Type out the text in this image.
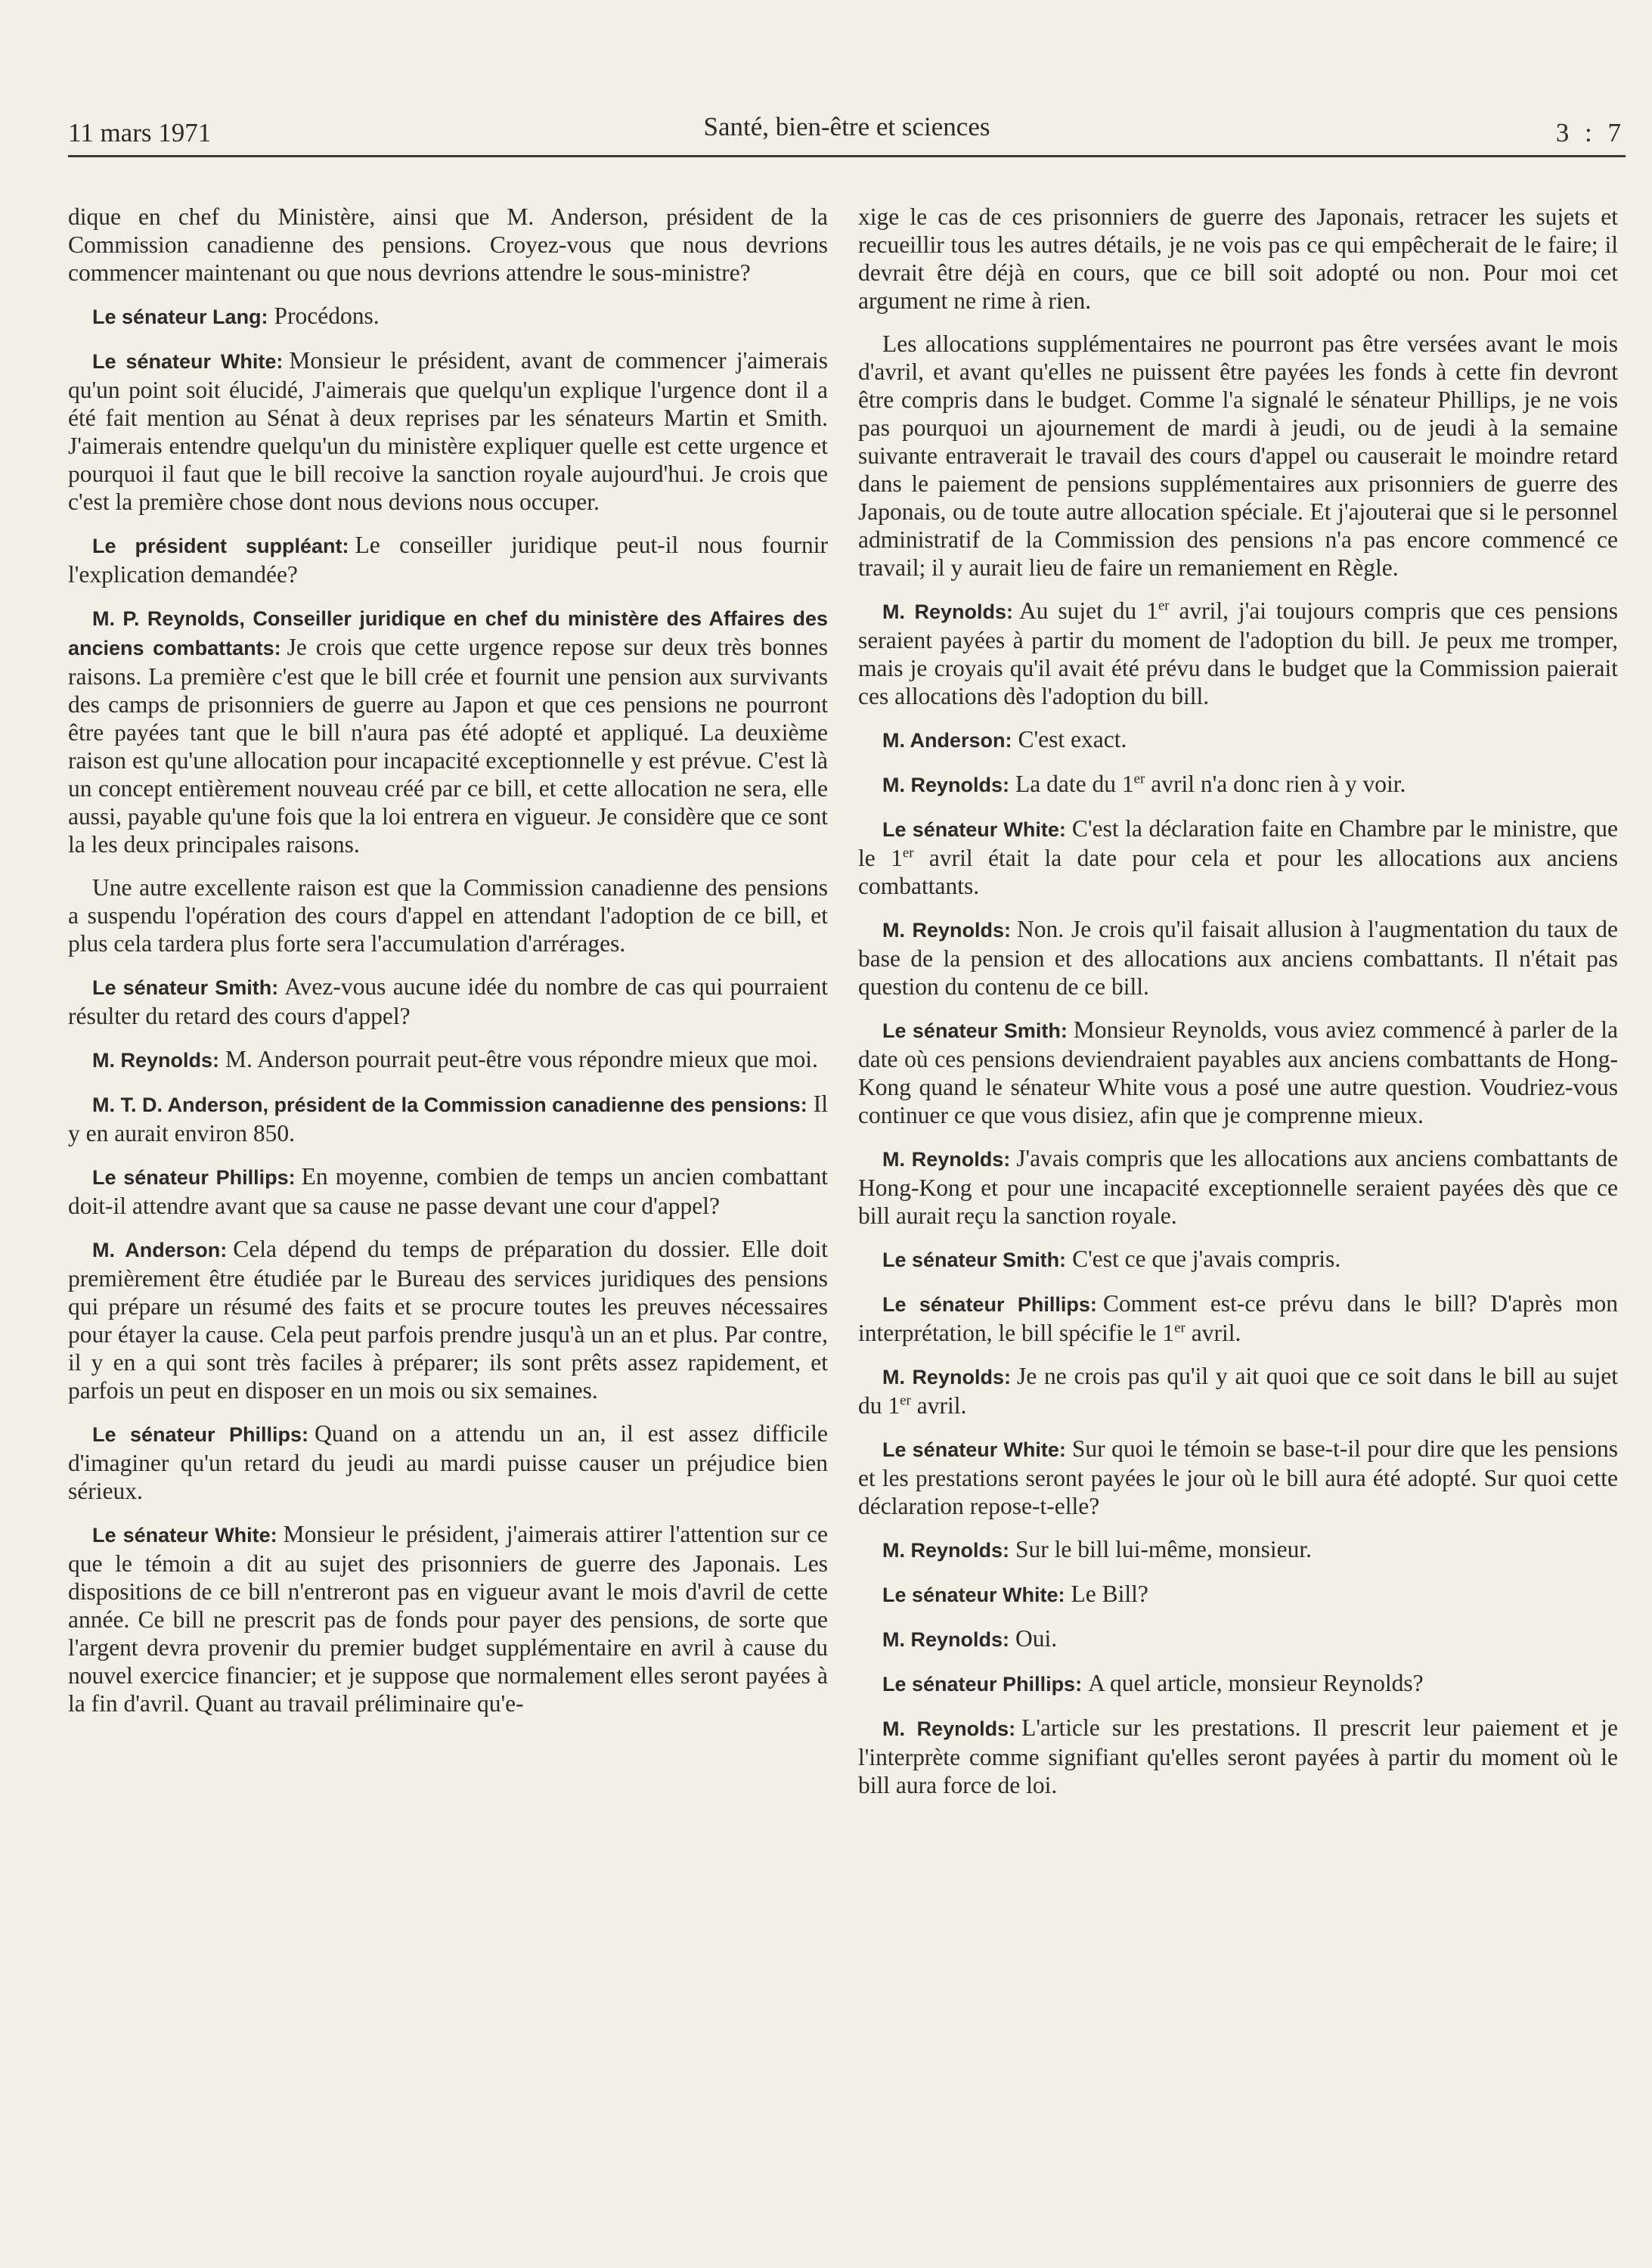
11 mars 1971	Santé, bien-être et sciences	3 : 7

dique en chef du Ministère, ainsi que M. Anderson, président de la Commission canadienne des pensions. Croyez-vous que nous devrions commencer maintenant ou que nous devrions attendre le sous-ministre?

Le sénateur Lang: Procédons.

Le sénateur White: Monsieur le président, avant de commencer j'aimerais qu'un point soit élucidé, J'aimerais que quelqu'un explique l'urgence dont il a été fait mention au Sénat à deux reprises par les sénateurs Martin et Smith. J'aimerais entendre quelqu'un du ministère expliquer quelle est cette urgence et pourquoi il faut que le bill recoive la sanction royale aujourd'hui. Je crois que c'est la première chose dont nous devions nous occuper.

Le président suppléant: Le conseiller juridique peut-il nous fournir l'explication demandée?

M. P. Reynolds, Conseiller juridique en chef du ministère des Affaires des anciens combattants: Je crois que cette urgence repose sur deux très bonnes raisons. La première c'est que le bill crée et fournit une pension aux survivants des camps de prisonniers de guerre au Japon et que ces pensions ne pourront être payées tant que le bill n'aura pas été adopté et appliqué. La deuxième raison est qu'une allocation pour incapacité exceptionnelle y est prévue. C'est là un concept entièrement nouveau créé par ce bill, et cette allocation ne sera, elle aussi, payable qu'une fois que la loi entrera en vigueur. Je considère que ce sont la les deux principales raisons.

Une autre excellente raison est que la Commission canadienne des pensions a suspendu l'opération des cours d'appel en attendant l'adoption de ce bill, et plus cela tardera plus forte sera l'accumulation d'arrérages.

Le sénateur Smith: Avez-vous aucune idée du nombre de cas qui pourraient résulter du retard des cours d'appel?

M. Reynolds: M. Anderson pourrait peut-être vous répondre mieux que moi.

M. T. D. Anderson, président de la Commission canadienne des pensions: Il y en aurait environ 850.

Le sénateur Phillips: En moyenne, combien de temps un ancien combattant doit-il attendre avant que sa cause ne passe devant une cour d'appel?

M. Anderson: Cela dépend du temps de préparation du dossier. Elle doit premièrement être étudiée par le Bureau des services juridiques des pensions qui prépare un résumé des faits et se procure toutes les preuves nécessaires pour étayer la cause. Cela peut parfois prendre jusqu'à un an et plus. Par contre, il y en a qui sont très faciles à préparer; ils sont prêts assez rapidement, et parfois un peut en disposer en un mois ou six semaines.

Le sénateur Phillips: Quand on a attendu un an, il est assez difficile d'imaginer qu'un retard du jeudi au mardi puisse causer un préjudice bien sérieux.

Le sénateur White: Monsieur le président, j'aimerais attirer l'attention sur ce que le témoin a dit au sujet des prisonniers de guerre des Japonais. Les dispositions de ce bill n'entreront pas en vigueur avant le mois d'avril de cette année. Ce bill ne prescrit pas de fonds pour payer des pensions, de sorte que l'argent devra provenir du premier budget supplémentaire en avril à cause du nouvel exercice financier; et je suppose que normalement elles seront payées à la fin d'avril. Quant au travail préliminaire qu'e-

xige le cas de ces prisonniers de guerre des Japonais, retracer les sujets et recueillir tous les autres détails, je ne vois pas ce qui empêcherait de le faire; il devrait être déjà en cours, que ce bill soit adopté ou non. Pour moi cet argument ne rime à rien.

Les allocations supplémentaires ne pourront pas être versées avant le mois d'avril, et avant qu'elles ne puissent être payées les fonds à cette fin devront être compris dans le budget. Comme l'a signalé le sénateur Phillips, je ne vois pas pourquoi un ajournement de mardi à jeudi, ou de jeudi à la semaine suivante entraverait le travail des cours d'appel ou causerait le moindre retard dans le paiement de pensions supplémentaires aux prisonniers de guerre des Japonais, ou de toute autre allocation spéciale. Et j'ajouterai que si le personnel administratif de la Commission des pensions n'a pas encore commencé ce travail; il y aurait lieu de faire un remaniement en Règle.

M. Reynolds: Au sujet du 1er avril, j'ai toujours compris que ces pensions seraient payées à partir du moment de l'adoption du bill. Je peux me tromper, mais je croyais qu'il avait été prévu dans le budget que la Commission paierait ces allocations dès l'adoption du bill.

M. Anderson: C'est exact.

M. Reynolds: La date du 1er avril n'a donc rien à y voir.

Le sénateur White: C'est la déclaration faite en Chambre par le ministre, que le 1er avril était la date pour cela et pour les allocations aux anciens combattants.

M. Reynolds: Non. Je crois qu'il faisait allusion à l'augmentation du taux de base de la pension et des allocations aux anciens combattants. Il n'était pas question du contenu de ce bill.

Le sénateur Smith: Monsieur Reynolds, vous aviez commencé à parler de la date où ces pensions deviendraient payables aux anciens combattants de Hong-Kong quand le sénateur White vous a posé une autre question. Voudriez-vous continuer ce que vous disiez, afin que je comprenne mieux.

M. Reynolds: J'avais compris que les allocations aux anciens combattants de Hong-Kong et pour une incapacité exceptionnelle seraient payées dès que ce bill aurait reçu la sanction royale.

Le sénateur Smith: C'est ce que j'avais compris.

Le sénateur Phillips: Comment est-ce prévu dans le bill? D'après mon interprétation, le bill spécifie le 1er avril.

M. Reynolds: Je ne crois pas qu'il y ait quoi que ce soit dans le bill au sujet du 1er avril.

Le sénateur White: Sur quoi le témoin se base-t-il pour dire que les pensions et les prestations seront payées le jour où le bill aura été adopté. Sur quoi cette déclaration repose-t-elle?

M. Reynolds: Sur le bill lui-même, monsieur.

Le sénateur White: Le Bill?

M. Reynolds: Oui.

Le sénateur Phillips: A quel article, monsieur Reynolds?

M. Reynolds: L'article sur les prestations. Il prescrit leur paiement et je l'interprète comme signifiant qu'elles seront payées à partir du moment où le bill aura force de loi.
